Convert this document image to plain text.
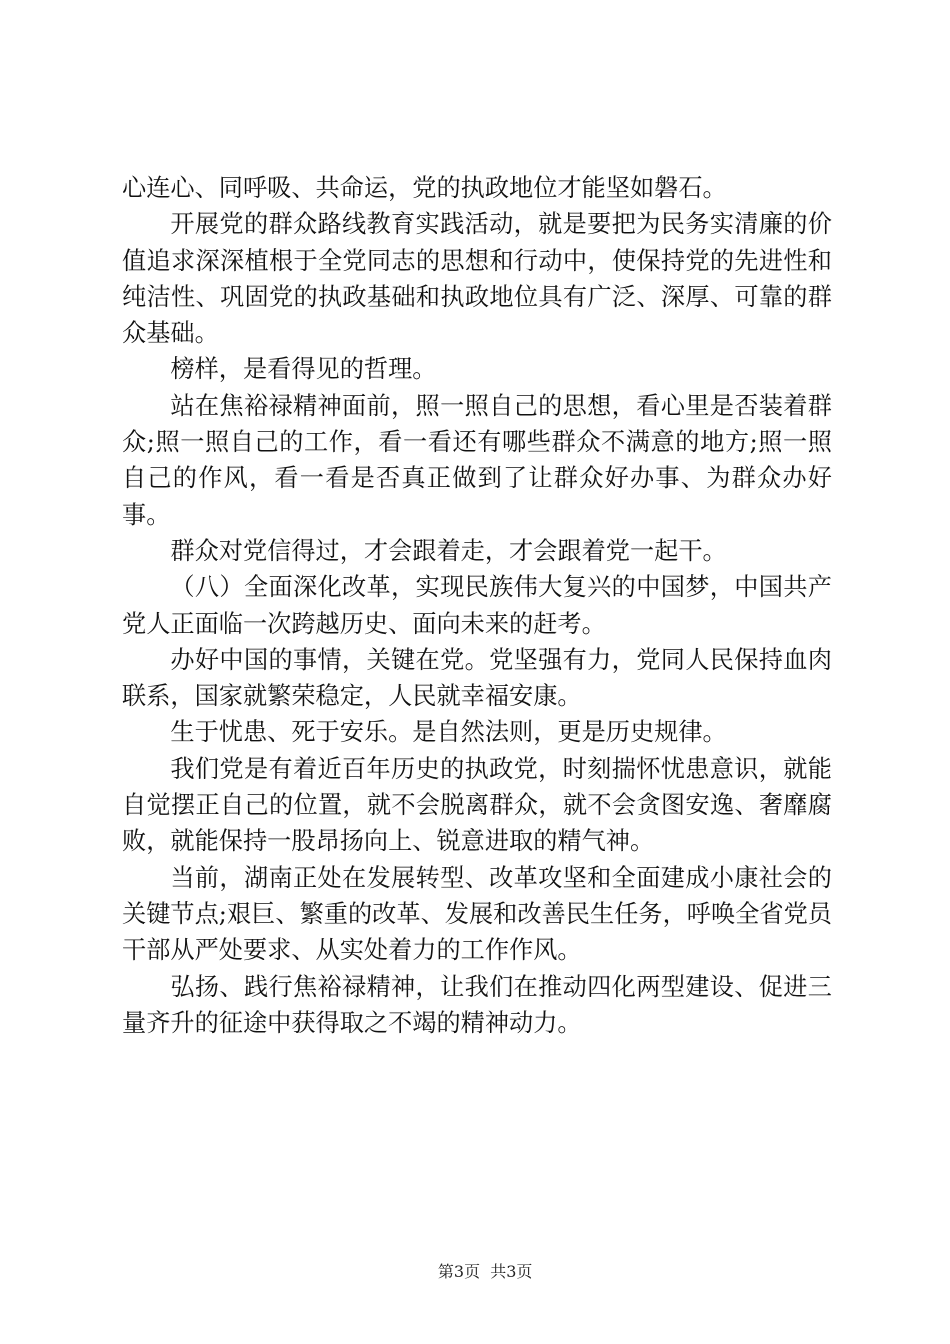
心连心、同呼吸、共命运，党的执政地位才能坚如磐石。

开展党的群众路线教育实践活动，就是要把为民务实清廉的价值追求深深植根于全党同志的思想和行动中，使保持党的先进性和纯洁性、巩固党的执政基础和执政地位具有广泛、深厚、可靠的群众基础。

榜样，是看得见的哲理。

站在焦裕禄精神面前，照一照自己的思想，看心里是否装着群众;照一照自己的工作，看一看还有哪些群众不满意的地方;照一照自己的作风，看一看是否真正做到了让群众好办事、为群众办好事。

群众对党信得过，才会跟着走，才会跟着党一起干。

（八）全面深化改革，实现民族伟大复兴的中国梦，中国共产党人正面临一次跨越历史、面向未来的赶考。

办好中国的事情，关键在党。党坚强有力，党同人民保持血肉联系，国家就繁荣稳定，人民就幸福安康。

生于忧患、死于安乐。是自然法则，更是历史规律。

我们党是有着近百年历史的执政党，时刻揣怀忧患意识，就能自觉摆正自己的位置，就不会脱离群众，就不会贪图安逸、奢靡腐败，就能保持一股昂扬向上、锐意进取的精气神。

当前，湖南正处在发展转型、改革攻坚和全面建成小康社会的关键节点;艰巨、繁重的改革、发展和改善民生任务，呼唤全省党员干部从严处要求、从实处着力的工作作风。

弘扬、践行焦裕禄精神，让我们在推动四化两型建设、促进三量齐升的征途中获得取之不竭的精神动力。

第3页  共3页
